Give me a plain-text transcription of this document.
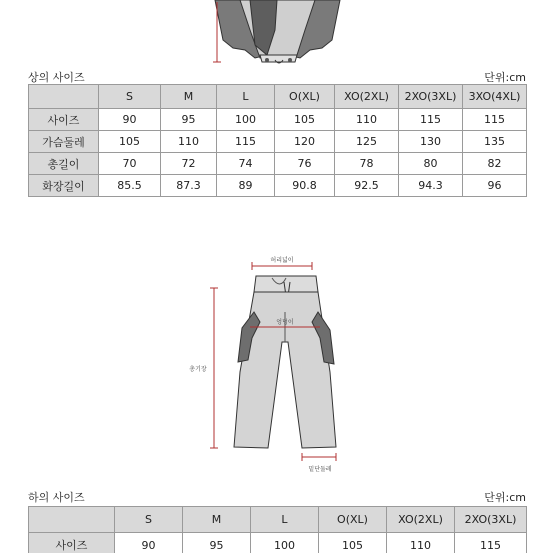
상의 사이즈	단위:cm
	S	M	L	O(XL)	XO(2XL)	2XO(3XL)	3XO(4XL)
사이즈	90	95	100	105	110	115	115
가슴둘레	105	110	115	120	125	130	135
총길이	70	72	74	76	78	80	82
화장길이	85.5	87.3	89	90.8	92.5	94.3	96
허리넓이
엉덩이
총기장
밑단둘레
하의 사이즈	단위:cm
	S	M	L	O(XL)	XO(2XL)	2XO(3XL)
사이즈	90	95	100	105	110	115
